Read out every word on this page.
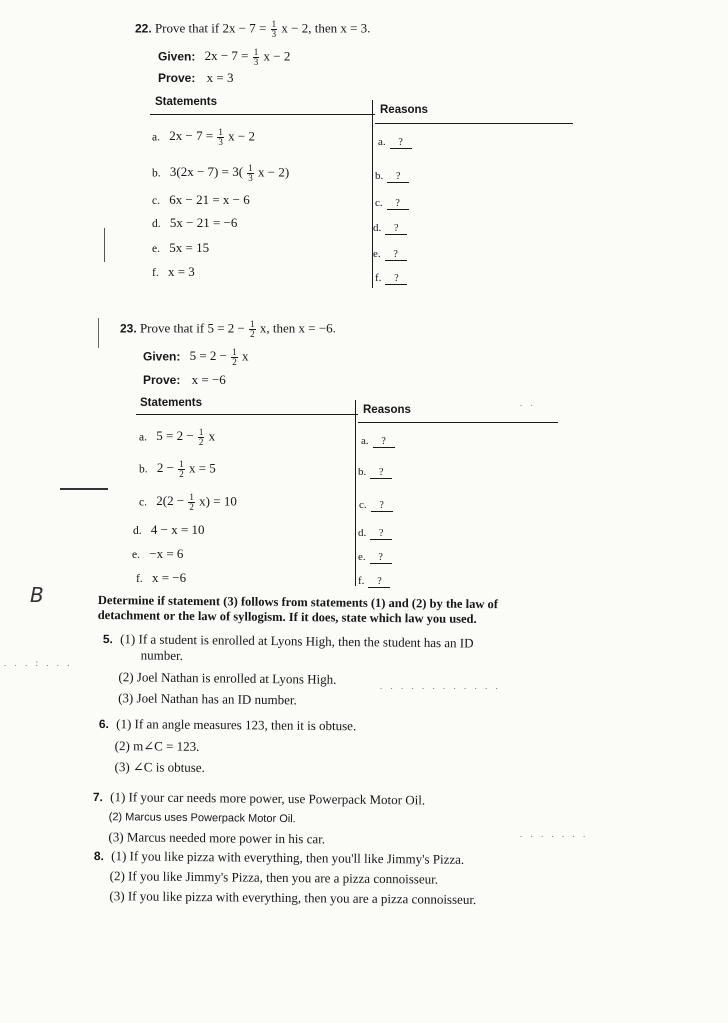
22. Prove that if $2x - 7 = \frac{1}{3}$ x − 2, then x = 3.
Given: $2x - 7 = \frac{1}{3}$ x − 2
Prove: x = 3
Statements
Reasons
a. $2x - 7 = \frac{1}{3}$ x − 2
b. $3(2x - 7) = 3( \frac{1}{3}$ x − 2)
c. 6x − 21 = x − 6
d. 5x − 21 = −6
e. 5x = 15
f. x = 3
a. ?
b. ?
c. ?
d. ?
e. ?
f. ?
23. Prove that if $5 = 2 - \frac{1}{2} x$, then x = −6.
Given: $5 = 2 - \frac{1}{2}$ x
Prove: x = −6
Statements
Reasons
a. $5 = 2 - \frac{1}{2}$ x
b. $2 - \frac{1}{2}$ x = 5
c. $2(2 - \frac{1}{2} x) = 10$
d. 4 − x = 10
e. −x = 6
f. x = −6
a. ?
b. ?
c. ?
d. ?
e. ?
f. ?
B	Determine if statement (3) follows from statements (1) and (2) by the law of
detachment or the law of syllogism. If it does, state which law you used.
5. (1) If a student is enrolled at Lyons High, then the student has an ID
number.
(2) Joel Nathan is enrolled at Lyons High.
(3) Joel Nathan has an ID number.
6. (1) If an angle measures 123, then it is obtuse.
(2) m∠C = 123.
(3) ∠C is obtuse.
7. (1) If your car needs more power, use Powerpack Motor Oil.
(2) Marcus uses Powerpack Motor Oil.
(3) Marcus needed more power in his car.
8. (1) If you like pizza with everything, then you'll like Jimmy's Pizza.
(2) If you like Jimmy's Pizza, then you are a pizza connoisseur.
(3) If you like pizza with everything, then you are a pizza connoisseur.
. . . : . . .
. . . . . . . . . . . .
. . . . . . .
. .
